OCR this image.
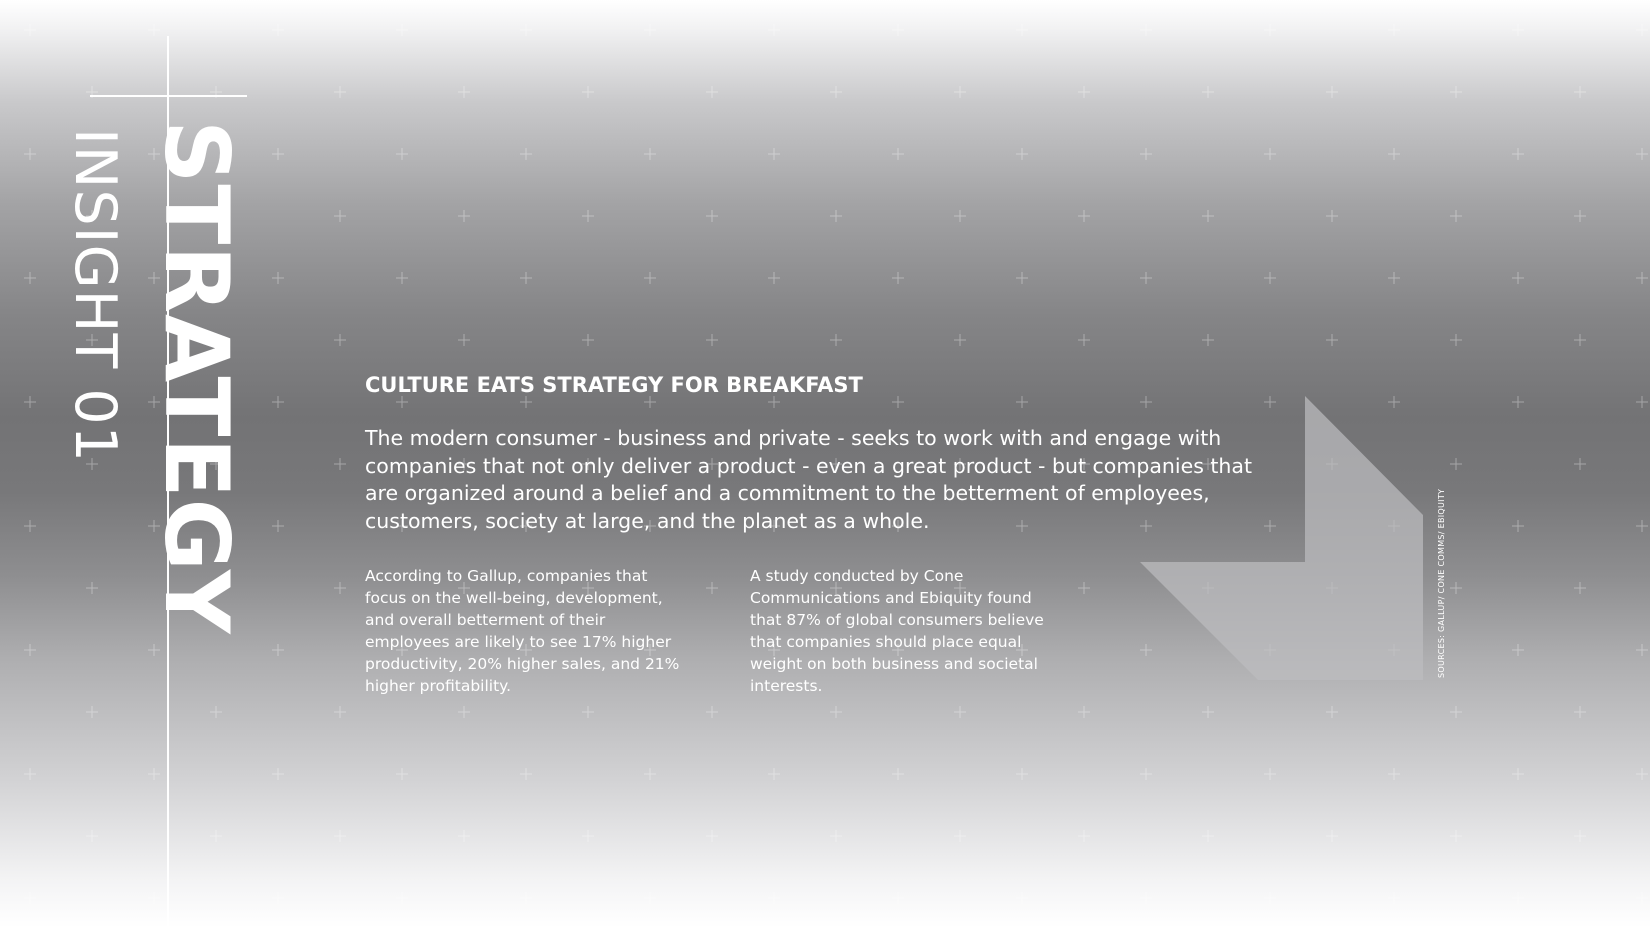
INSIGHT 01 STRATEGY	CULTURE EATS STRATEGY FOR BREAKFAST

The modern consumer - business and private - seeks to work with and engage with companies that not only deliver a product - even a great product - but companies that are organized around a belief and a commitment to the betterment of employees, customers, society at large, and the planet as a whole.

According to Gallup, companies that focus on the well-being, development, and overall betterment of their employees are likely to see 17% higher productivity, 20% higher sales, and 21% higher profitability.

A study conducted by Cone Communications and Ebiquity found that 87% of global consumers believe that companies should place equal weight on both business and societal interests.

SOURCES: GALLUP/ CONE COMMS/ EBIQUITY
